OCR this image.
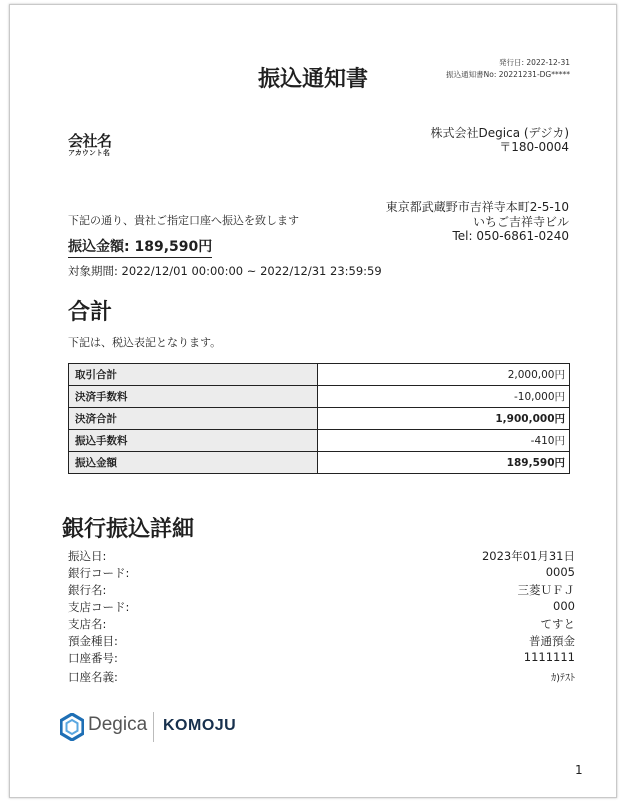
振込通知書
発行日: 2022-12-31
振込通知書No: 20221231-DG*****
会社名
アカウント名
株式会社Degica (デジカ)
〒180-0004
東京都武蔵野市吉祥寺本町2-5-10
いちご吉祥寺ビル
Tel: 050-6861-0240
下記の通り、貴社ご指定口座へ振込を致します
振込金額: 189,590円
対象期間: 2022/12/01 00:00:00 ~ 2022/12/31 23:59:59
合計
下記は、税込表記となります。
取引合計	2,000,00円
決済手数料	-10,000円
決済合計	1,900,000円
振込手数料	-410円
振込金額	189,590円
銀行振込詳細
振込日:	2023年01月31日
銀行コード:	0005
銀行名:	三菱ＵＦＪ
支店コード:	000
支店名:	てすと
預金種目:	普通預金
口座番号:	1111111
口座名義:	ｶ)ﾃｽﾄ
Degica KOMOJU
1
